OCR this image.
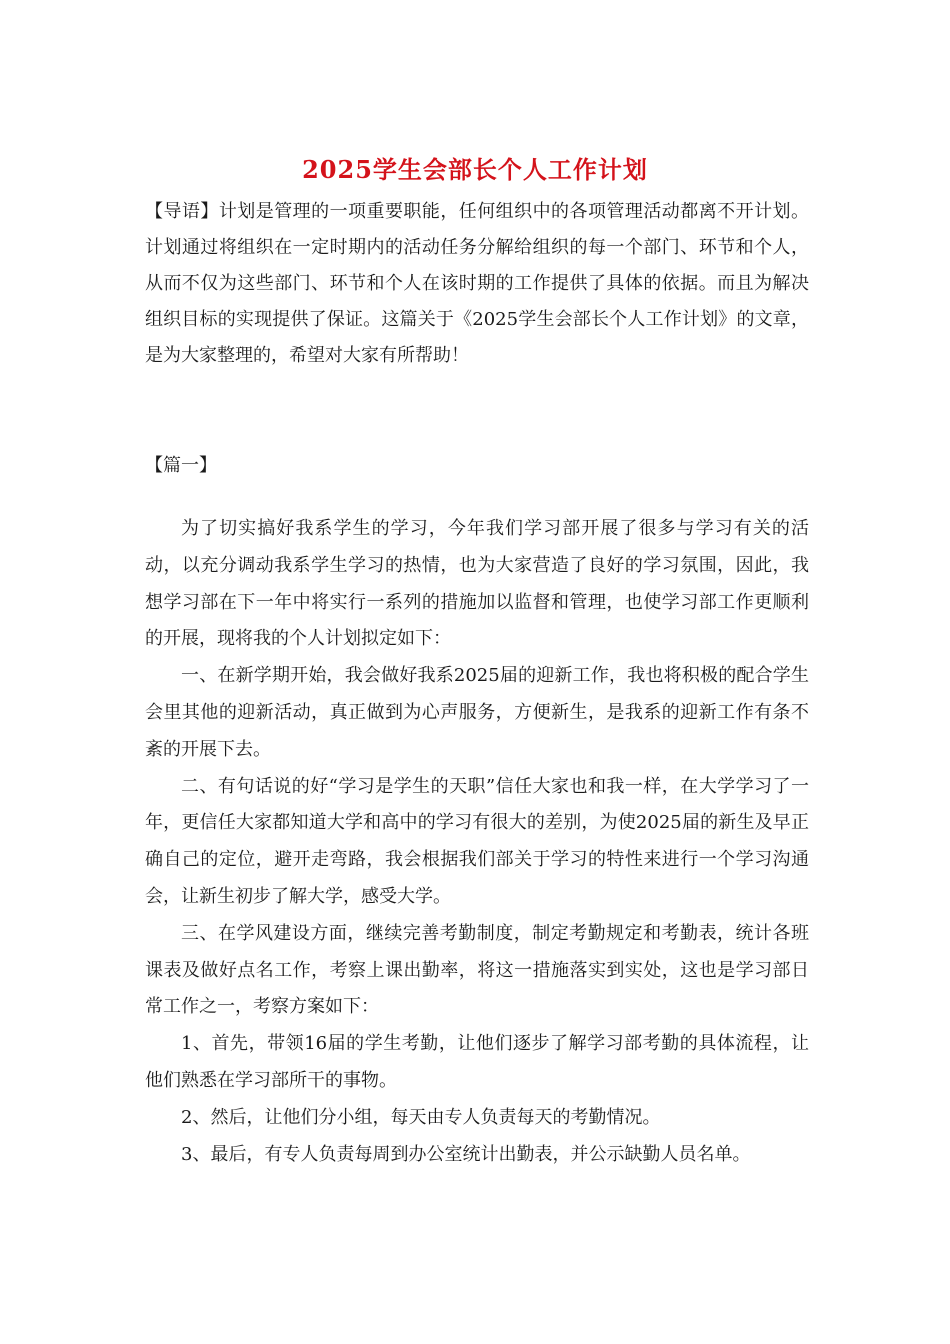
2025学生会部长个人工作计划

【导语】计划是管理的一项重要职能，任何组织中的各项管理活动都离不开计划。计划通过将组织在一定时期内的活动任务分解给组织的每一个部门、环节和个人，从而不仅为这些部门、环节和个人在该时期的工作提供了具体的依据。而且为解决组织目标的实现提供了保证。这篇关于《2025学生会部长个人工作计划》的文章，是为大家整理的，希望对大家有所帮助！

【篇一】

为了切实搞好我系学生的学习，今年我们学习部开展了很多与学习有关的活动，以充分调动我系学生学习的热情，也为大家营造了良好的学习氛围，因此，我想学习部在下一年中将实行一系列的措施加以监督和管理，也使学习部工作更顺利的开展，现将我的个人计划拟定如下：

一、在新学期开始，我会做好我系2025届的迎新工作，我也将积极的配合学生会里其他的迎新活动，真正做到为心声服务，方便新生，是我系的迎新工作有条不紊的开展下去。

二、有句话说的好“学习是学生的天职”信任大家也和我一样，在大学学习了一年，更信任大家都知道大学和高中的学习有很大的差别，为使2025届的新生及早正确自己的定位，避开走弯路，我会根据我们部关于学习的特性来进行一个学习沟通会，让新生初步了解大学，感受大学。

三、在学风建设方面，继续完善考勤制度，制定考勤规定和考勤表，统计各班课表及做好点名工作，考察上课出勤率，将这一措施落实到实处，这也是学习部日常工作之一，考察方案如下：

1、首先，带领16届的学生考勤，让他们逐步了解学习部考勤的具体流程，让他们熟悉在学习部所干的事物。

2、然后，让他们分小组，每天由专人负责每天的考勤情况。

3、最后，有专人负责每周到办公室统计出勤表，并公示缺勤人员名单。
